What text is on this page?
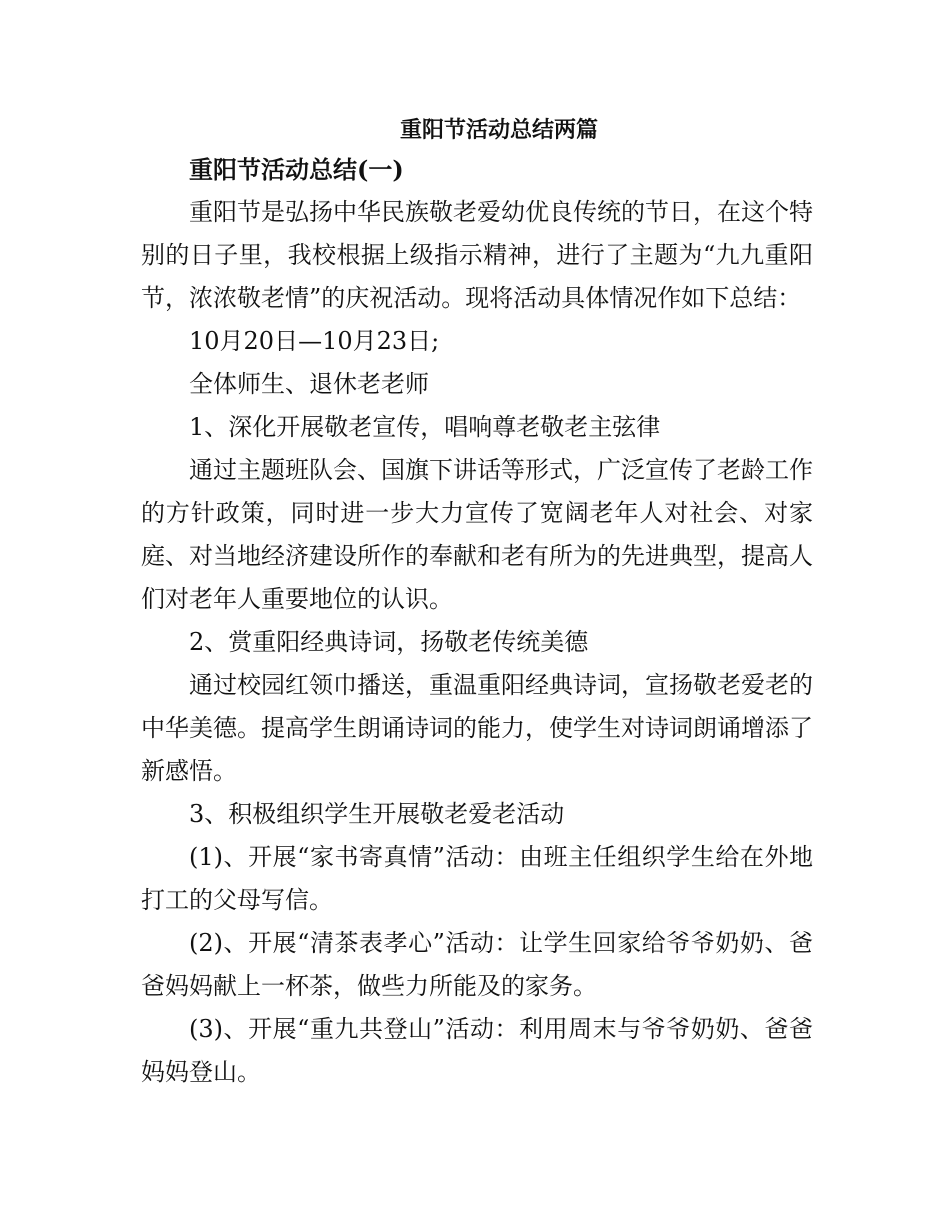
重阳节活动总结两篇

重阳节活动总结(一)

重阳节是弘扬中华民族敬老爱幼优良传统的节日，在这个特别的日子里，我校根据上级指示精神，进行了主题为“九九重阳节，浓浓敬老情”的庆祝活动。现将活动具体情况作如下总结：

10月20日—10月23日;

全体师生、退休老老师

1、深化开展敬老宣传，唱响尊老敬老主弦律

通过主题班队会、国旗下讲话等形式，广泛宣传了老龄工作的方针政策，同时进一步大力宣传了宽阔老年人对社会、对家庭、对当地经济建设所作的奉献和老有所为的先进典型，提高人们对老年人重要地位的认识。

2、赏重阳经典诗词，扬敬老传统美德

通过校园红领巾播送，重温重阳经典诗词，宣扬敬老爱老的中华美德。提高学生朗诵诗词的能力，使学生对诗词朗诵增添了新感悟。

3、积极组织学生开展敬老爱老活动

(1)、开展“家书寄真情”活动：由班主任组织学生给在外地打工的父母写信。

(2)、开展“清茶表孝心”活动：让学生回家给爷爷奶奶、爸爸妈妈献上一杯茶，做些力所能及的家务。

(3)、开展“重九共登山”活动：利用周末与爷爷奶奶、爸爸妈妈登山。
